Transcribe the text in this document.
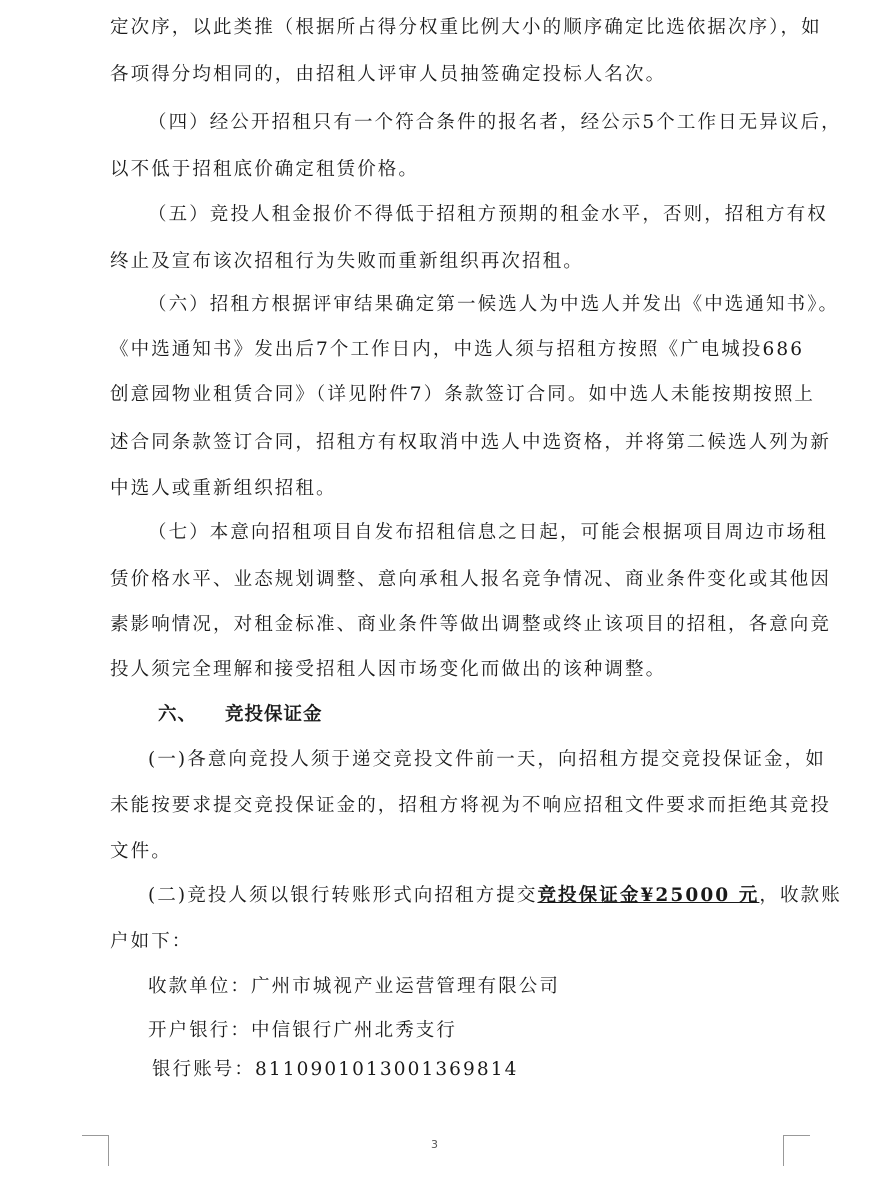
定次序，以此类推（根据所占得分权重比例大小的顺序确定比选依据次序），如
各项得分均相同的，由招租人评审人员抽签确定投标人名次。
（四）经公开招租只有一个符合条件的报名者，经公示5个工作日无异议后，
以不低于招租底价确定租赁价格。
（五）竞投人租金报价不得低于招租方预期的租金水平，否则，招租方有权
终止及宣布该次招租行为失败而重新组织再次招租。
（六）招租方根据评审结果确定第一候选人为中选人并发出《中选通知书》。
《中选通知书》发出后7个工作日内，中选人须与招租方按照《广电城投686
创意园物业租赁合同》（详见附件7）条款签订合同。如中选人未能按期按照上
述合同条款签订合同，招租方有权取消中选人中选资格，并将第二候选人列为新
中选人或重新组织招租。
（七）本意向招租项目自发布招租信息之日起，可能会根据项目周边市场租
赁价格水平、业态规划调整、意向承租人报名竞争情况、商业条件变化或其他因
素影响情况，对租金标准、商业条件等做出调整或终止该项目的招租，各意向竞
投人须完全理解和接受招租人因市场变化而做出的该种调整。
六、 竞投保证金
(一)各意向竞投人须于递交竞投文件前一天，向招租方提交竞投保证金，如
未能按要求提交竞投保证金的，招租方将视为不响应招租文件要求而拒绝其竞投
文件。
(二)竞投人须以银行转账形式向招租方提交竞投保证金¥25000 元，收款账
户如下：
收款单位：广州市城视产业运营管理有限公司
开户银行：中信银行广州北秀支行
银行账号：8110901013001369814
3
